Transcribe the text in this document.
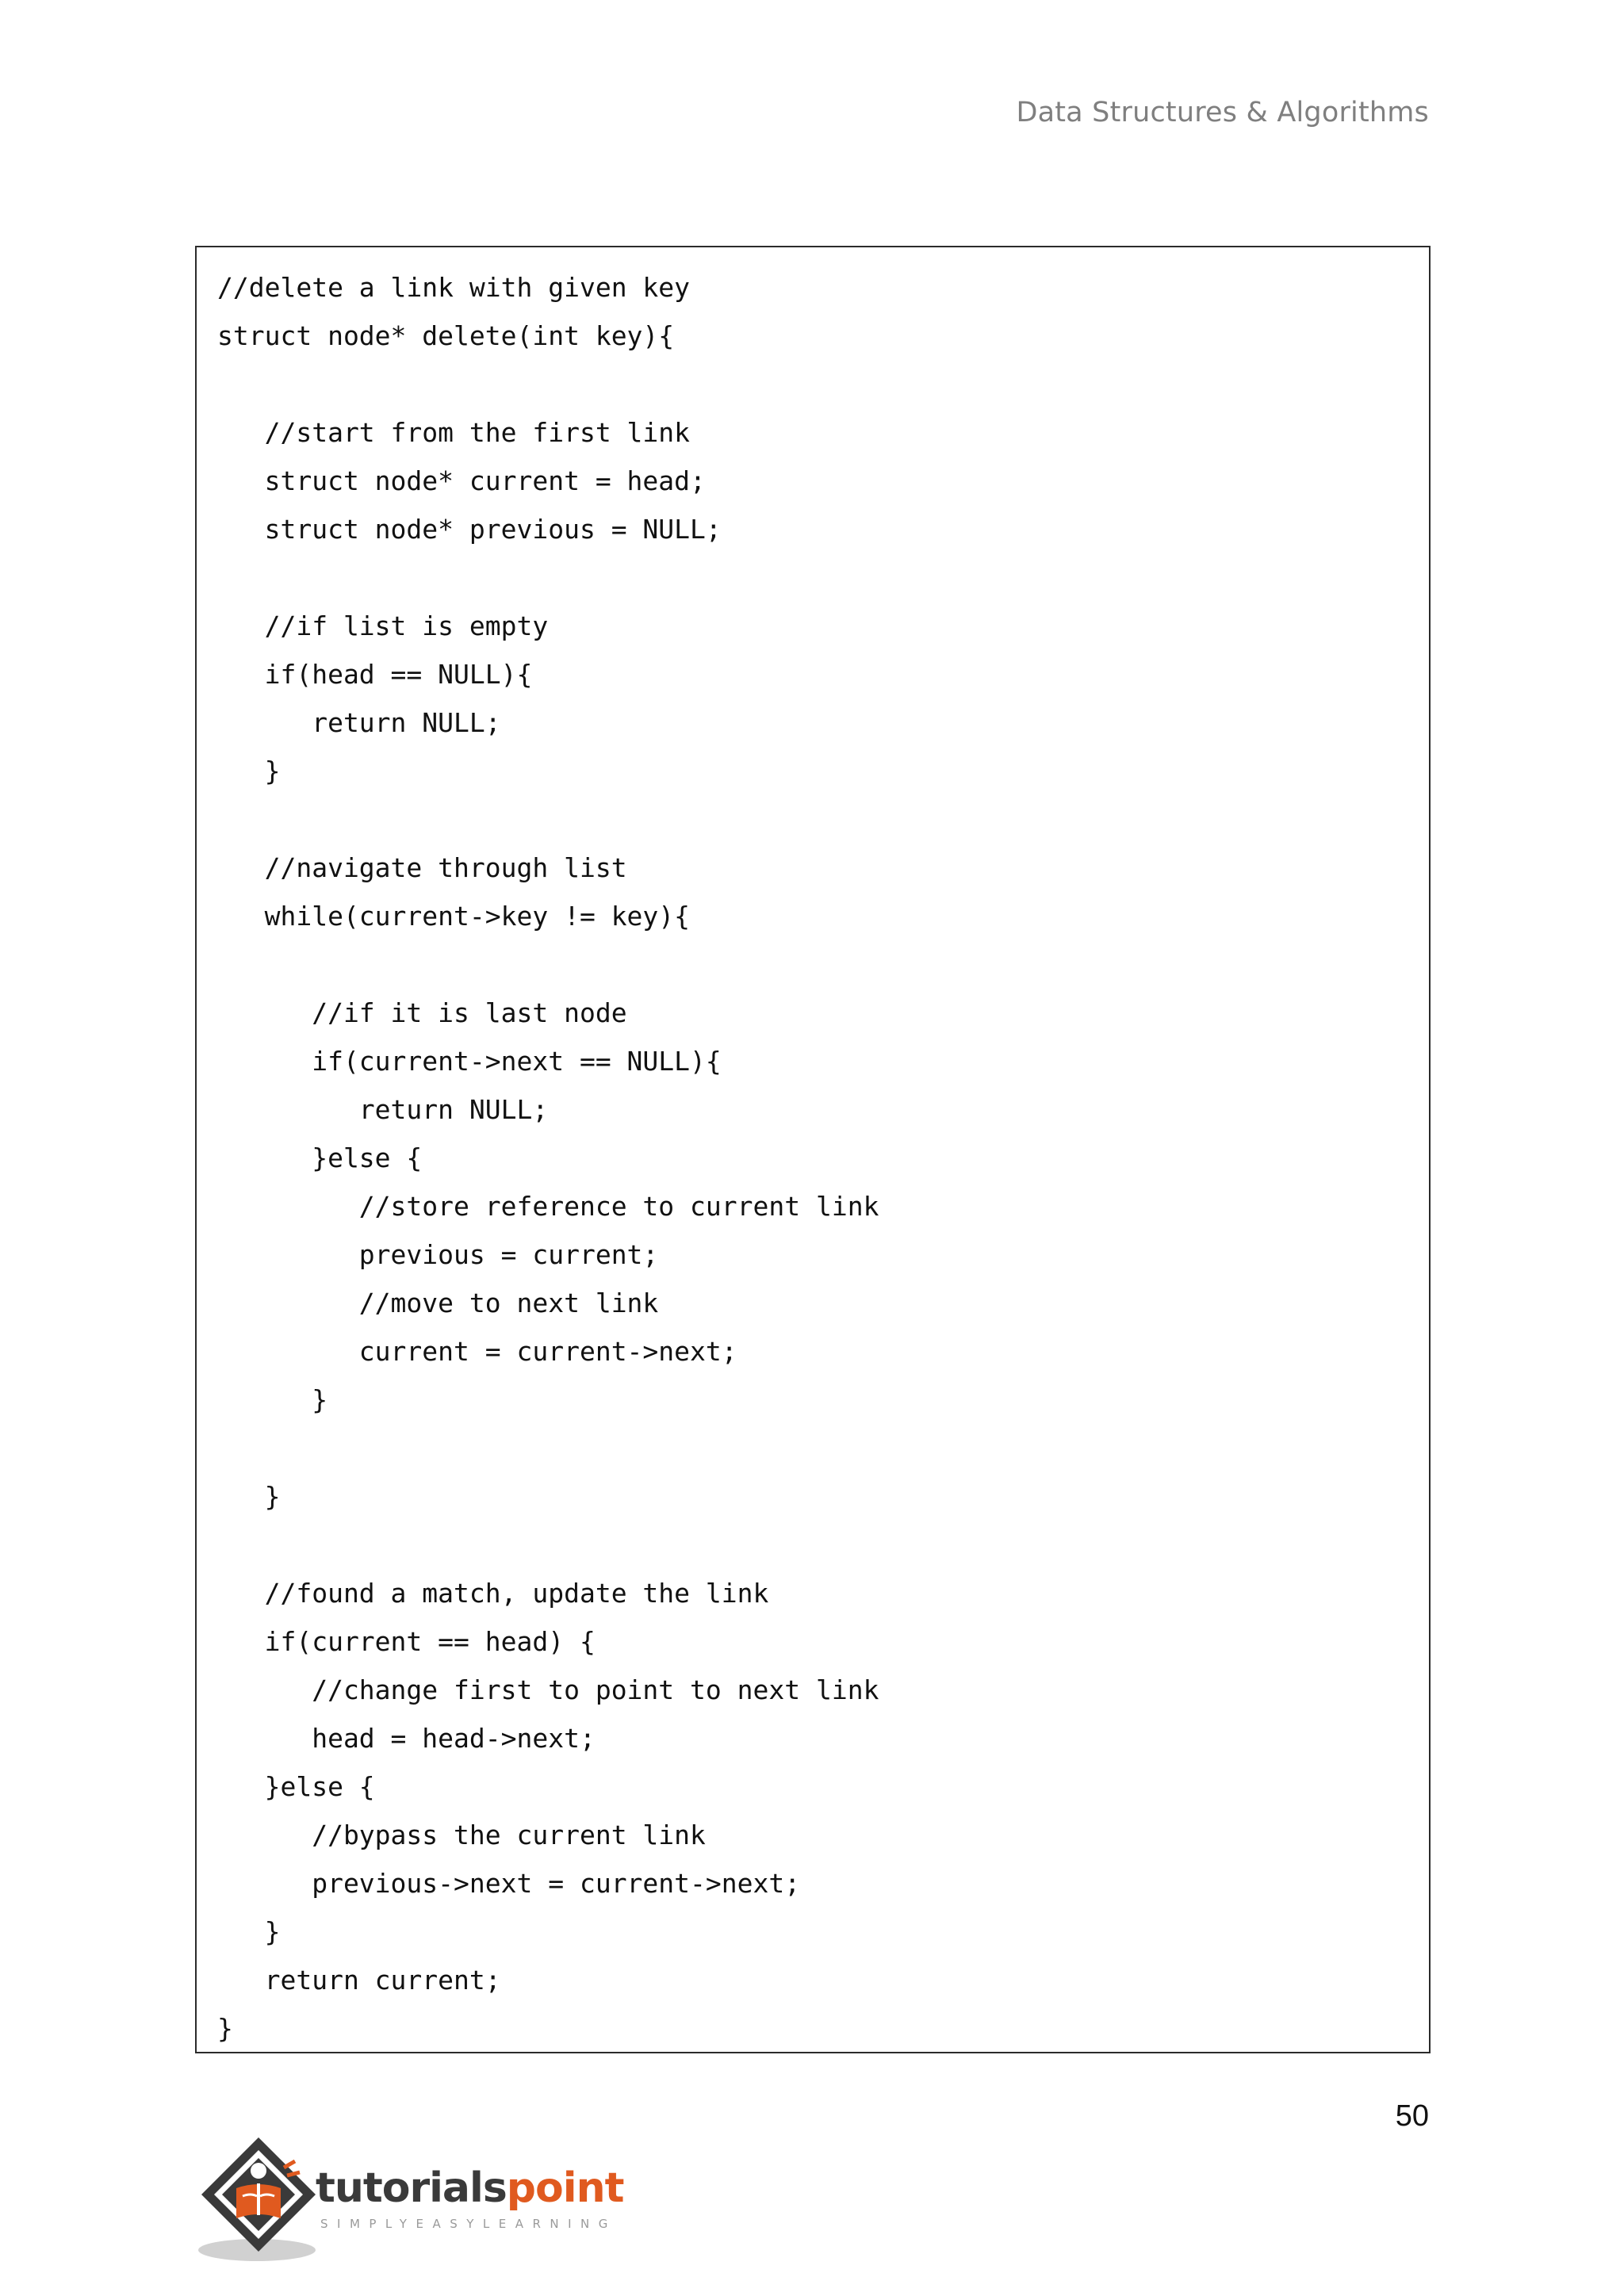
Data Structures & Algorithms
//delete a link with given key
struct node* delete(int key){
//start from the first link
struct node* current = head;
struct node* previous = NULL;
//if list is empty
if(head == NULL){
return NULL;
}
//navigate through list
while(current->key != key){
//if it is last node
if(current->next == NULL){
return NULL;
}else {
//store reference to current link
previous = current;
//move to next link
current = current->next;
}
}
//found a match, update the link
if(current == head) {
//change first to point to next link
head = head->next;
}else {
//bypass the current link
previous->next = current->next;
}
return current;
}
50
tutorialspoint
SIMPLYEASYLEARNING
